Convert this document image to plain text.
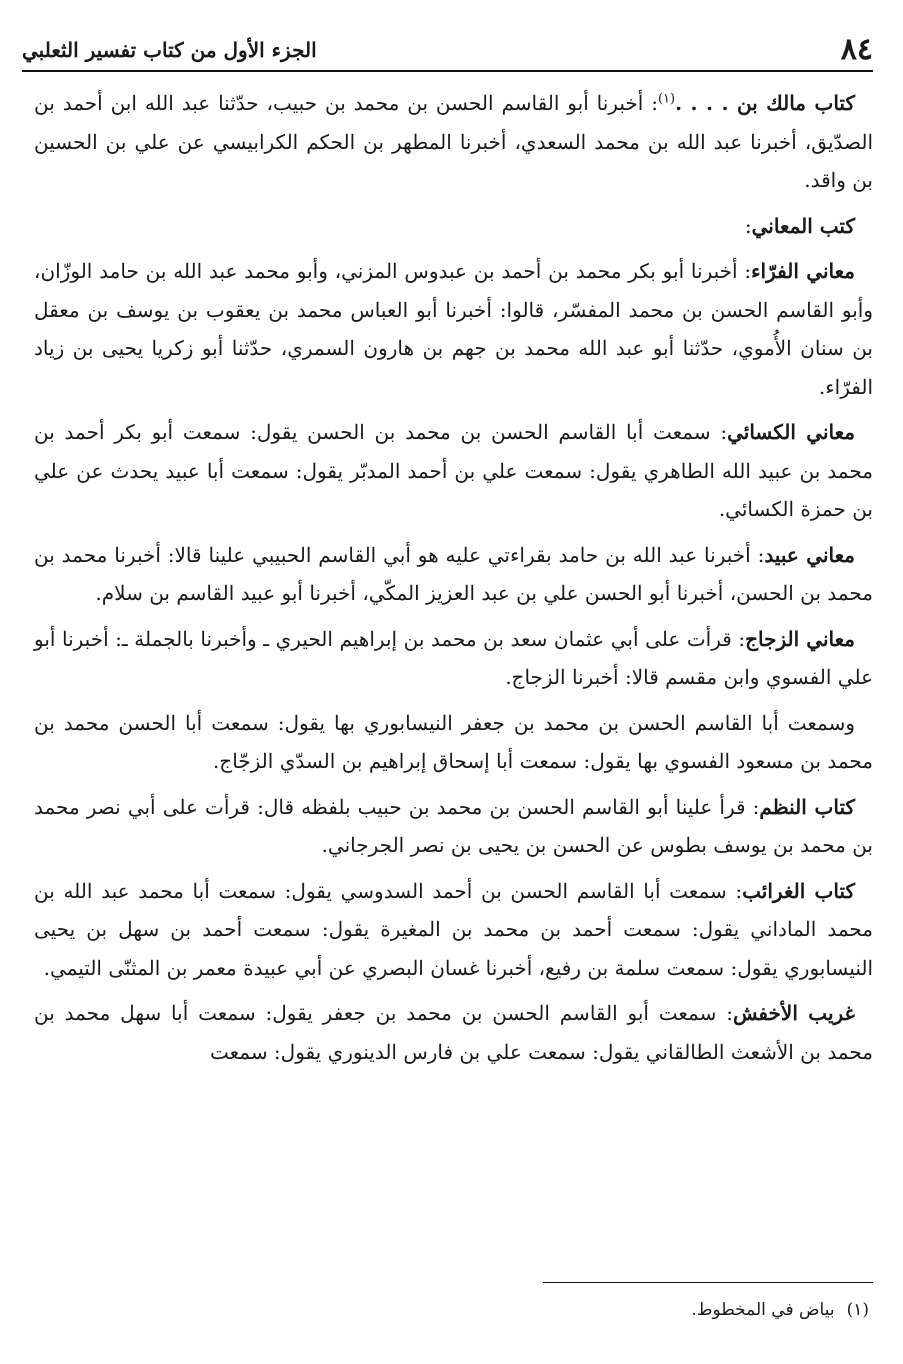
٨٤
الجزء الأول من كتاب تفسير الثعلبي

كتاب مالك بن . . . .$^{(١)}$: أخبرنا أبو القاسم الحسن بن محمد بن حبيب، حدّثنا عبد الله ابن أحمد بن الصدّيق، أخبرنا عبد الله بن محمد السعدي، أخبرنا المطهر بن الحكم الكرابيسي عن علي بن الحسين بن واقد.

كتب المعاني:

معاني الفرّاء: أخبرنا أبو بكر محمد بن أحمد بن عبدوس المزني، وأبو محمد عبد الله بن حامد الوزّان، وأبو القاسم الحسن بن محمد المفسّر، قالوا: أخبرنا أبو العباس محمد بن يعقوب بن يوسف بن معقل بن سنان الأُموي، حدّثنا أبو عبد الله محمد بن جهم بن هارون السمري، حدّثنا أبو زكريا يحيى بن زياد الفرّاء.

معاني الكسائي: سمعت أبا القاسم الحسن بن محمد بن الحسن يقول: سمعت أبو بكر أحمد بن محمد بن عبيد الله الطاهري يقول: سمعت علي بن أحمد المدبّر يقول: سمعت أبا عبيد يحدث عن علي بن حمزة الكسائي.

معاني عبيد: أخبرنا عبد الله بن حامد بقراءتي عليه هو أبي القاسم الحبيبي علينا قالا: أخبرنا محمد بن محمد بن الحسن، أخبرنا أبو الحسن علي بن عبد العزيز المكّي، أخبرنا أبو عبيد القاسم بن سلام.

معاني الزجاج: قرأت على أبي عثمان سعد بن محمد بن إبراهيم الحيري ـ وأخبرنا بالجملة ـ: أخبرنا أبو علي الفسوي وابن مقسم قالا: أخبرنا الزجاج.

وسمعت أبا القاسم الحسن بن محمد بن جعفر النيسابوري بها يقول: سمعت أبا الحسن محمد بن محمد بن مسعود الفسوي بها يقول: سمعت أبا إسحاق إبراهيم بن السدّي الزجّاج.

كتاب النظم: قرأ علينا أبو القاسم الحسن بن محمد بن حبيب بلفظه قال: قرأت على أبي نصر محمد بن محمد بن يوسف بطوس عن الحسن بن يحيى بن نصر الجرجاني.

كتاب الغرائب: سمعت أبا القاسم الحسن بن أحمد السدوسي يقول: سمعت أبا محمد عبد الله بن محمد الماداني يقول: سمعت أحمد بن محمد بن المغيرة يقول: سمعت أحمد بن سهل بن يحيى النيسابوري يقول: سمعت سلمة بن رفيع، أخبرنا غسان البصري عن أبي عبيدة معمر بن المثنّى التيمي.

غريب الأخفش: سمعت أبو القاسم الحسن بن محمد بن جعفر يقول: سمعت أبا سهل محمد بن محمد بن الأشعث الطالقاني يقول: سمعت علي بن فارس الدينوري يقول: سمعت

(١)بياض في المخطوط.
